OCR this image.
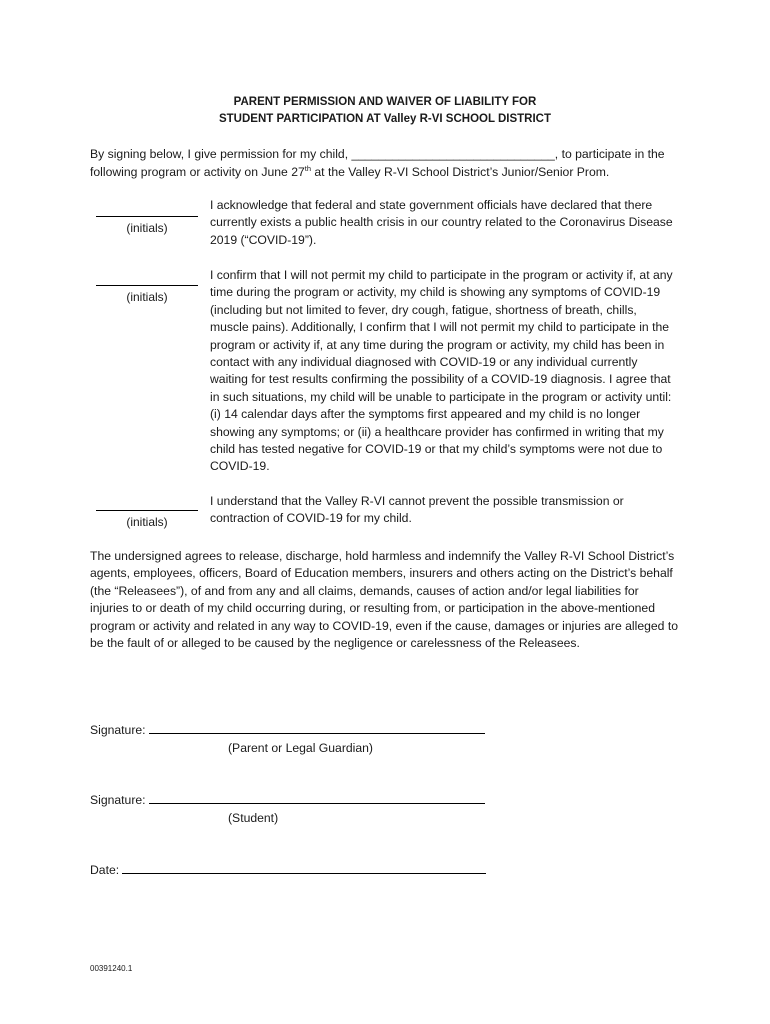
PARENT PERMISSION AND WAIVER OF LIABILITY FOR
STUDENT PARTICIPATION AT Valley R-VI SCHOOL DISTRICT
By signing below, I give permission for my child, ______________________________, to participate in the following program or activity on June 27th at the Valley R-VI School District’s Junior/Senior Prom.
(initials)
I acknowledge that federal and state government officials have declared that there currently exists a public health crisis in our country related to the Coronavirus Disease 2019 (“COVID-19”).
(initials)
I confirm that I will not permit my child to participate in the program or activity if, at any time during the program or activity, my child is showing any symptoms of COVID-19 (including but not limited to fever, dry cough, fatigue, shortness of breath, chills, muscle pains). Additionally, I confirm that I will not permit my child to participate in the program or activity if, at any time during the program or activity, my child has been in contact with any individual diagnosed with COVID-19 or any individual currently waiting for test results confirming the possibility of a COVID-19 diagnosis. I agree that in such situations, my child will be unable to participate in the program or activity until: (i) 14 calendar days after the symptoms first appeared and my child is no longer showing any symptoms; or (ii) a healthcare provider has confirmed in writing that my child has tested negative for COVID-19 or that my child’s symptoms were not due to COVID-19.
(initials)
I understand that the Valley R-VI cannot prevent the possible transmission or contraction of COVID-19 for my child.
The undersigned agrees to release, discharge, hold harmless and indemnify the Valley R-VI School District’s agents, employees, officers, Board of Education members, insurers and others acting on the District’s behalf (the “Releasees”), of and from any and all claims, demands, causes of action and/or legal liabilities for injuries to or death of my child occurring during, or resulting from, or participation in the above-mentioned program or activity and related in any way to COVID-19, even if the cause, damages or injuries are alleged to be the fault of or alleged to be caused by the negligence or carelessness of the Releasees.
Signature:
(Parent or Legal Guardian)
Signature:
(Student)
Date:
00391240.1
